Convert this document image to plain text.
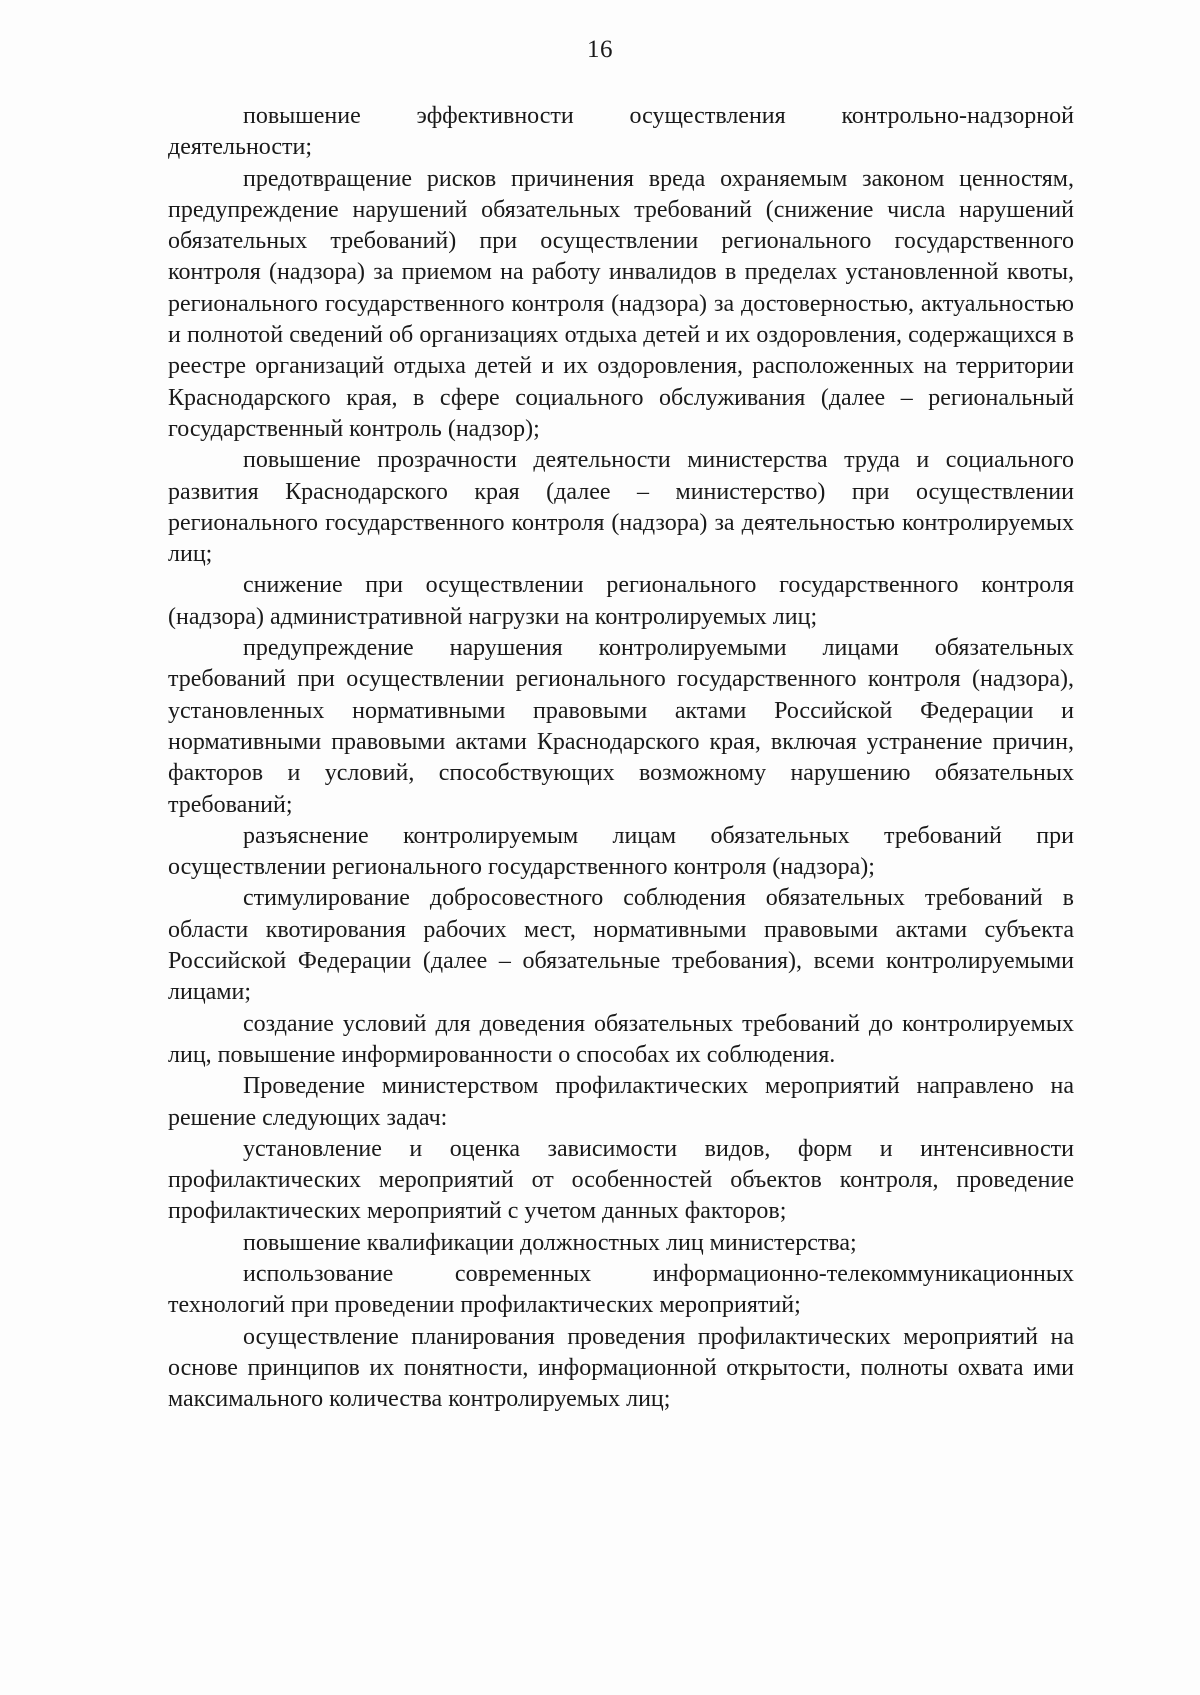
16

повышение эффективности осуществления контрольно-надзорной деятельности;

предотвращение рисков причинения вреда охраняемым законом ценностям, предупреждение нарушений обязательных требований (снижение числа нарушений обязательных требований) при осуществлении регионального государственного контроля (надзора) за приемом на работу инвалидов в пределах установленной квоты, регионального государственного контроля (надзора) за достоверностью, актуальностью и полнотой сведений об организациях отдыха детей и их оздоровления, содержащихся в реестре организаций отдыха детей и их оздоровления, расположенных на территории Краснодарского края, в сфере социального обслуживания (далее – региональный государственный контроль (надзор);

повышение прозрачности деятельности министерства труда и социального развития Краснодарского края (далее – министерство) при осуществлении регионального государственного контроля (надзора) за деятельностью контролируемых лиц;

снижение при осуществлении регионального государственного контроля (надзора) административной нагрузки на контролируемых лиц;

предупреждение нарушения контролируемыми лицами обязательных требований при осуществлении регионального государственного контроля (надзора), установленных нормативными правовыми актами Российской Федерации и нормативными правовыми актами Краснодарского края, включая устранение причин, факторов и условий, способствующих возможному нарушению обязательных требований;

разъяснение контролируемым лицам обязательных требований при осуществлении регионального государственного контроля (надзора);

стимулирование добросовестного соблюдения обязательных требований в области квотирования рабочих мест, нормативными правовыми актами субъекта Российской Федерации (далее – обязательные требования), всеми контролируемыми лицами;

создание условий для доведения обязательных требований до контролируемых лиц, повышение информированности о способах их соблюдения.

Проведение министерством профилактических мероприятий направлено на решение следующих задач:

установление и оценка зависимости видов, форм и интенсивности профилактических мероприятий от особенностей объектов контроля, проведение профилактических мероприятий с учетом данных факторов;

повышение квалификации должностных лиц министерства;

использование современных информационно-телекоммуникационных технологий при проведении профилактических мероприятий;

осуществление планирования проведения профилактических мероприятий на основе принципов их понятности, информационной открытости, полноты охвата ими максимального количества контролируемых лиц;
